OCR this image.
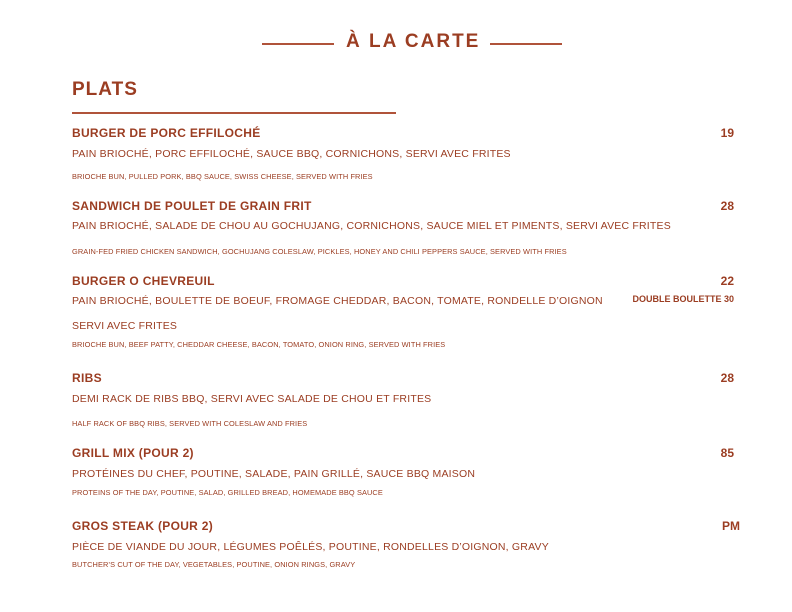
À LA CARTE
PLATS
BURGER DE PORC EFFILOCHÉ	19
PAIN BRIOCHÉ, PORC EFFILOCHÉ, SAUCE BBQ, CORNICHONS, SERVI AVEC FRITES
BRIOCHE BUN, PULLED PORK, BBQ SAUCE, SWISS CHEESE, SERVED WITH FRIES
SANDWICH DE POULET DE GRAIN FRIT	28
PAIN BRIOCHÉ, SALADE DE CHOU AU GOCHUJANG, CORNICHONS, SAUCE MIEL ET PIMENTS, SERVI AVEC FRITES
GRAIN-FED FRIED CHICKEN SANDWICH, GOCHUJANG COLESLAW, PICKLES, HONEY AND CHILI PEPPERS SAUCE, SERVED WITH FRIES
BURGER O CHEVREUIL	22
PAIN BRIOCHÉ, BOULETTE DE BOEUF, FROMAGE CHEDDAR, BACON, TOMATE, RONDELLE D’OIGNON	DOUBLE BOULETTE 30
SERVI AVEC FRITES
BRIOCHE BUN, BEEF PATTY, CHEDDAR CHEESE, BACON, TOMATO, ONION RING, SERVED WITH FRIES
RIBS	28
DEMI RACK DE RIBS BBQ, SERVI AVEC SALADE DE CHOU ET FRITES
HALF RACK OF BBQ RIBS, SERVED WITH COLESLAW AND FRIES
GRILL MIX (POUR 2)	85
PROTÉINES DU CHEF, POUTINE, SALADE, PAIN GRILLÉ, SAUCE BBQ MAISON
PROTEINS OF THE DAY, POUTINE, SALAD, GRILLED BREAD, HOMEMADE BBQ SAUCE
GROS STEAK (POUR 2)	PM
PIÈCE DE VIANDE DU JOUR, LÉGUMES POÊLÉS, POUTINE, RONDELLES D’OIGNON, GRAVY
BUTCHER’S CUT OF THE DAY, VEGETABLES, POUTINE, ONION RINGS, GRAVY
